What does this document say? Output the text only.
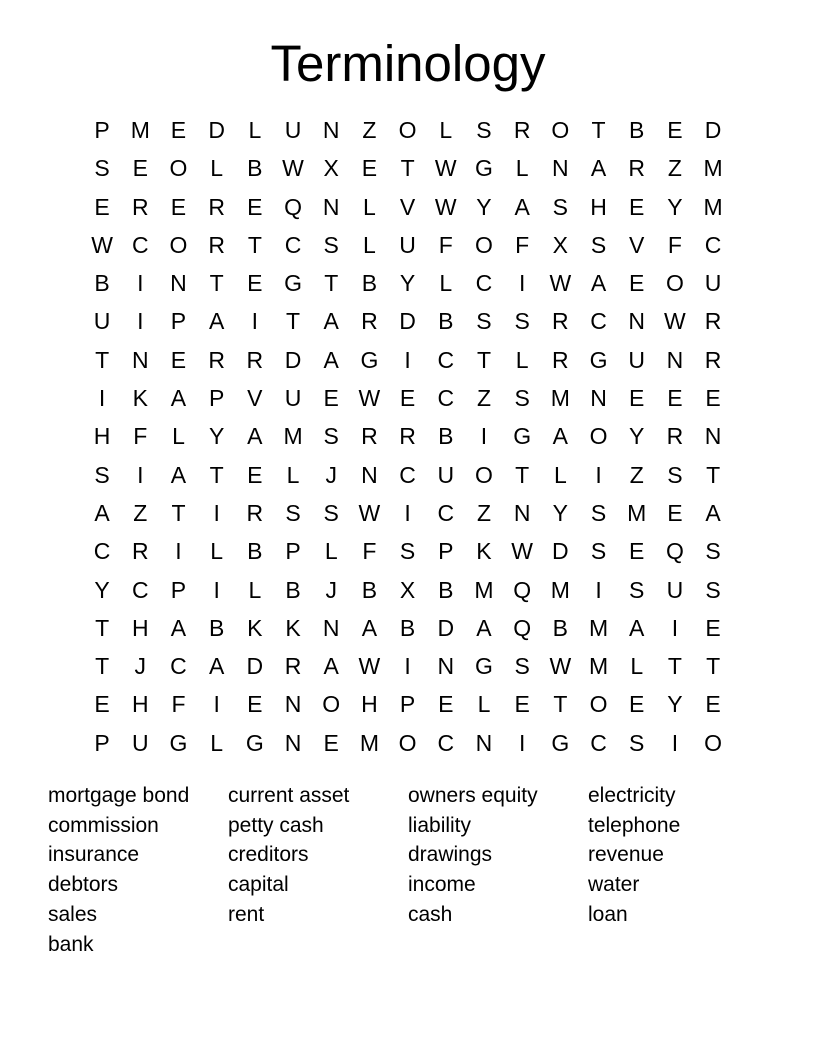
Terminology
P M E D	L	U N Z O L	S R O T	B E D
S E O L	B W X E	T W G L	N A R Z M
E R E R E Q N	L	V W Y A S H E Y M
W C O R T C S	L	U F O F	X S V	F C
B	I	N T	E G T	B Y	L	C	I	W A E O U
U	I	P A	I	T	A R D B S S R C N W R
T N E R R D A G	I	C T	L	R G U N R
I	K A P V U E W E C Z	S M N E E E
H F	L	Y A M S R R B	I	G A O Y R N
S	I	A	T	E	L	J	N C U O T	L	I	Z	S	T
A	Z	T	I	R S S W	I	C Z N Y S M E A
C R	I	L	B P	L	F	S P K W D S E Q S
Y C P	I	L	B	J	B X B M Q M	I	S U S
T H A B K K N A B D A Q B M A	I	E
T	J	C A D R A W	I	N G S W M L	T	T
E H F	I	E N O H P E	L	E	T O E Y E
P U G L G N E M O C N	I	G C S	I	O
mortgage bond
commission
insurance
debtors
sales
bank
current asset
petty cash
creditors
capital
rent
owners equity
liability
drawings
income
cash
electricity
telephone
revenue
water
loan
